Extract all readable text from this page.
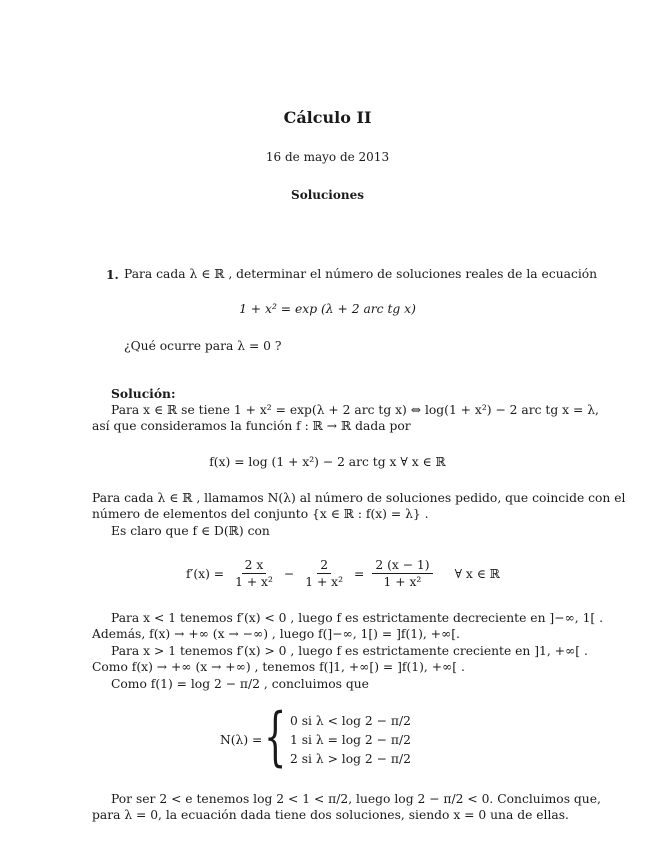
Cálculo II
16 de mayo de 2013
Soluciones
1. Para cada λ ∈ ℝ , determinar el número de soluciones reales de la ecuación
1 + x² = exp (λ + 2 arc tg x)
¿Qué ocurre para λ = 0 ?
Solución:
Para x ∈ ℝ se tiene 1 + x² = exp(λ + 2 arc tg x) ⇔ log(1 + x²) − 2 arc tg x = λ,
así que consideramos la función f : ℝ → ℝ dada por
f(x) = log (1 + x²) − 2 arc tg x ∀ x ∈ ℝ
Para cada λ ∈ ℝ , llamamos N(λ) al número de soluciones pedido, que coincide con el
número de elementos del conjunto {x ∈ ℝ : f(x) = λ} .
Es claro que f ∈ D(ℝ) con
$f'(x) = \frac{2 x}{\text{1 + x²}} - \frac{2}{\text{1 + x²}} = \frac{2 (x - 1)}{\text{1 + x²}}$ ∀ x ∈ ℝ
Para x < 1 tenemos f′(x) < 0 , luego f es estrictamente decreciente en ]−∞, 1[ .
Además, f(x) → +∞ (x → −∞) , luego f(]−∞, 1[) = ]f(1), +∞[.
Para x > 1 tenemos f′(x) > 0 , luego f es estrictamente creciente en ]1, +∞[ .
Como f(x) → +∞ (x → +∞) , tenemos f(]1, +∞[) = ]f(1), +∞[ .
Como f(1) = log 2 − π/2 , concluimos que
N(λ) = { 0 si λ < log 2 − π/2
1 si λ = log 2 − π/2
2 si λ > log 2 − π/2
Por ser 2 < e tenemos log 2 < 1 < π/2, luego log 2 − π/2 < 0. Concluimos que,
para λ = 0, la ecuación dada tiene dos soluciones, siendo x = 0 una de ellas.
